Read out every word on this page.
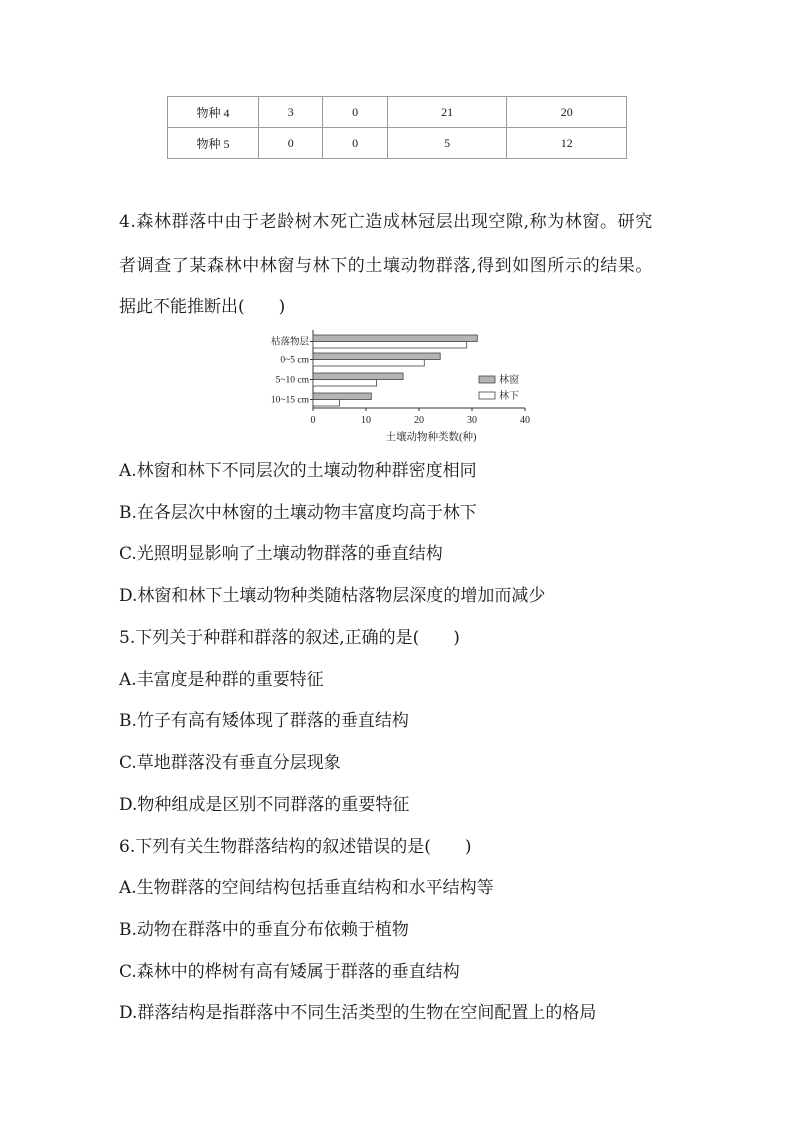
物种 4	3	0	21	20
物种 5	0	0	5	12
4.森林群落中由于老龄树木死亡造成林冠层出现空隙,称为林窗。研究
者调查了某森林中林窗与林下的土壤动物群落,得到如图所示的结果。
据此不能推断出(　　)
0	10	20	30	40
枯落物层
0~5 cm
5~10 cm
10~15 cm
土壤动物种类数(种)
林窗
林下
A.林窗和林下不同层次的土壤动物种群密度相同
B.在各层次中林窗的土壤动物丰富度均高于林下
C.光照明显影响了土壤动物群落的垂直结构
D.林窗和林下土壤动物种类随枯落物层深度的增加而减少
5.下列关于种群和群落的叙述,正确的是(　　)
A.丰富度是种群的重要特征
B.竹子有高有矮体现了群落的垂直结构
C.草地群落没有垂直分层现象
D.物种组成是区别不同群落的重要特征
6.下列有关生物群落结构的叙述错误的是(　　)
A.生物群落的空间结构包括垂直结构和水平结构等
B.动物在群落中的垂直分布依赖于植物
C.森林中的桦树有高有矮属于群落的垂直结构
D.群落结构是指群落中不同生活类型的生物在空间配置上的格局
